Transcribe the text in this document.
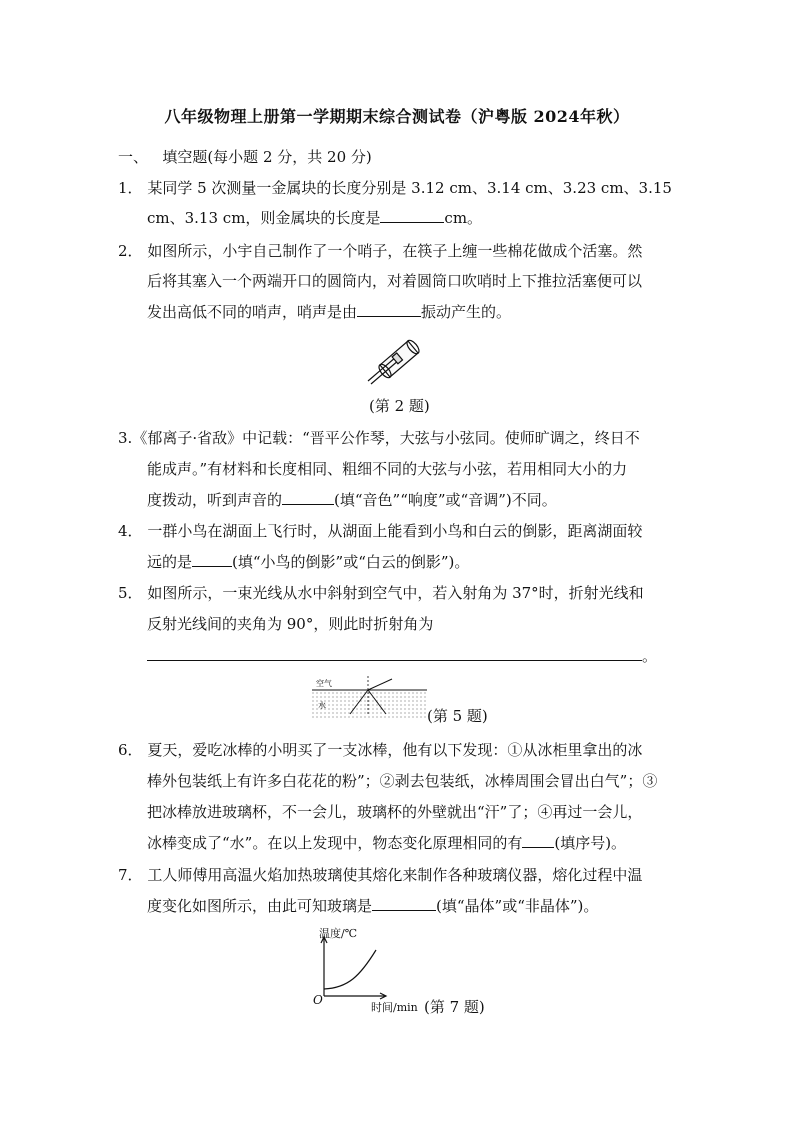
八年级物理上册第一学期期末综合测试卷（沪粤版 2024年秋）
一、 填空题(每小题 2 分，共 20 分)
1． 某同学 5 次测量一金属块的长度分别是 3.12 cm、3.14 cm、3.23 cm、3.15
cm、3.13 cm，则金属块的长度是	cm。
2． 如图所示，小宇自己制作了一个哨子，在筷子上缠一些棉花做成个活塞。然
后将其塞入一个两端开口的圆筒内，对着圆筒口吹哨时上下推拉活塞便可以
发出高低不同的哨声，哨声是由	振动产生的。
(第 2 题)
3.《郁离子·省敌》中记载：“晋平公作琴，大弦与小弦同。使师旷调之，终日不
能成声。”有材料和长度相同、粗细不同的大弦与小弦，若用相同大小的力
度拨动，听到声音的	(填“音色”“响度”或“音调”)不同。
4． 一群小鸟在湖面上飞行时，从湖面上能看到小鸟和白云的倒影，距离湖面较
远的是	(填“小鸟的倒影”或“白云的倒影”)。
5． 如图所示，一束光线从水中斜射到空气中，若入射角为 37°时，折射光线和
反射光线间的夹角为 90°，则此时折射角为
。
空气
水
(第 5 题)
6． 夏天，爱吃冰棒的小明买了一支冰棒，他有以下发现：①从冰柜里拿出的冰
棒外包装纸上有许多白花花的粉”；②剥去包装纸，冰棒周围会冒出白气”；③
把冰棒放进玻璃杯，不一会儿，玻璃杯的外壁就出“汗”了；④再过一会儿，
冰棒变成了“水”。在以上发现中，物态变化原理相同的有 (填序号)。
7． 工人师傅用高温火焰加热玻璃使其熔化来制作各种玻璃仪器，熔化过程中温
度变化如图所示，由此可知玻璃是	(填“晶体”或“非晶体”)。
温度/℃
O
时间/min (第 7 题)
